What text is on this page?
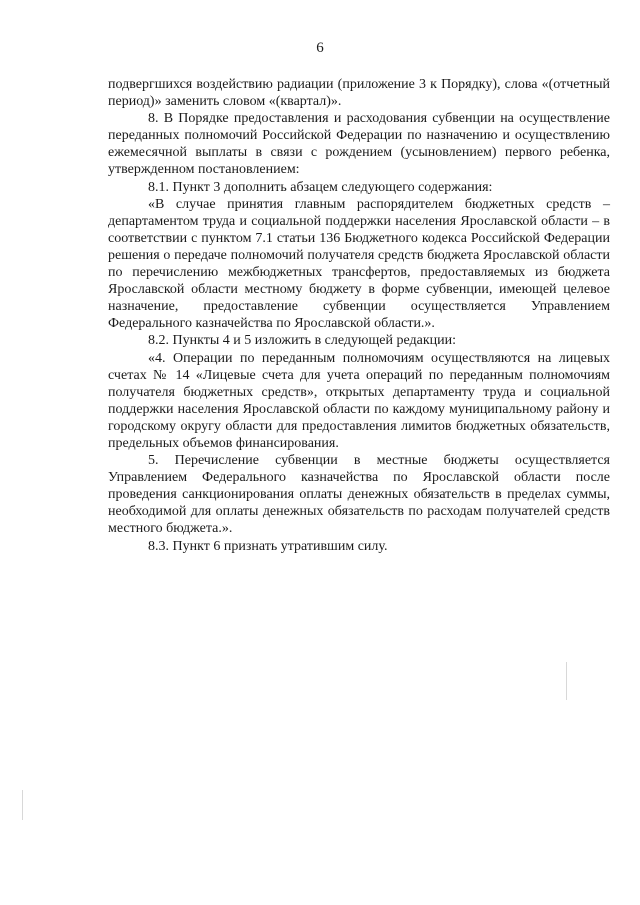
6

подвергшихся воздействию радиации (приложение 3 к Порядку), слова «(отчетный период)» заменить словом «(квартал)».

8. В Порядке предоставления и расходования субвенции на осуществление переданных полномочий Российской Федерации по назначению и осуществлению ежемесячной выплаты в связи с рождением (усыновлением) первого ребенка, утвержденном постановлением:

8.1. Пункт 3 дополнить абзацем следующего содержания:

«В случае принятия главным распорядителем бюджетных средств – департаментом труда и социальной поддержки населения Ярославской области – в соответствии с пунктом 7.1 статьи 136 Бюджетного кодекса Российской Федерации решения о передаче полномочий получателя средств бюджета Ярославской области по перечислению межбюджетных трансфертов, предоставляемых из бюджета Ярославской области местному бюджету в форме субвенции, имеющей целевое назначение, предоставление субвенции осуществляется Управлением Федерального казначейства по Ярославской области.».

8.2. Пункты 4 и 5 изложить в следующей редакции:

«4. Операции по переданным полномочиям осуществляются на лицевых счетах № 14 «Лицевые счета для учета операций по переданным полномочиям получателя бюджетных средств», открытых департаменту труда и социальной поддержки населения Ярославской области по каждому муниципальному району и городскому округу области для предоставления лимитов бюджетных обязательств, предельных объемов финансирования.

5. Перечисление субвенции в местные бюджеты осуществляется Управлением Федерального казначейства по Ярославской области после проведения санкционирования оплаты денежных обязательств в пределах суммы, необходимой для оплаты денежных обязательств по расходам получателей средств местного бюджета.».

8.3. Пункт 6 признать утратившим силу.
